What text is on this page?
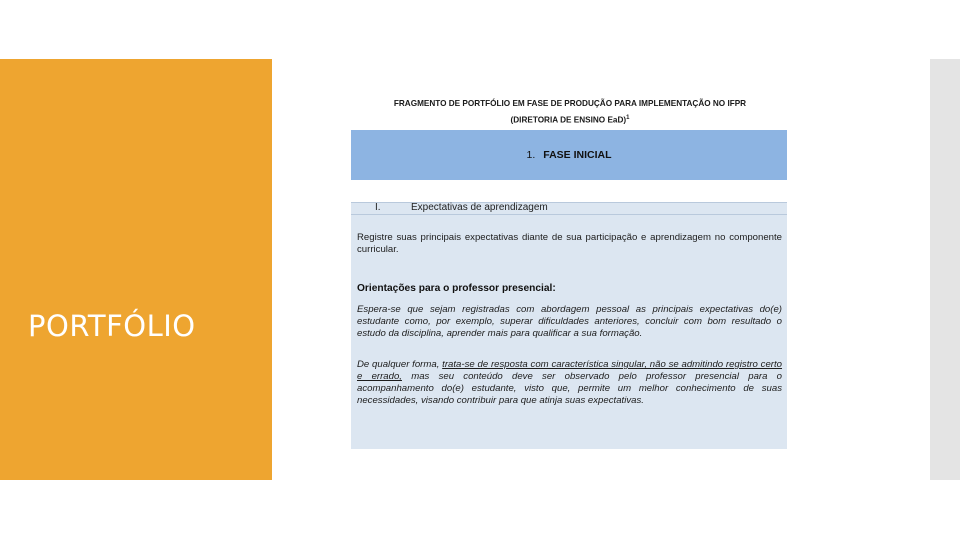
PORTFÓLIO
FRAGMENTO DE PORTFÓLIO EM FASE DE PRODUÇÃO PARA IMPLEMENTAÇÃO NO IFPR
(DIRETORIA DE ENSINO EaD)$^1$
1. FASE INICIAL
I.	Expectativas de aprendizagem

Registre suas principais expectativas diante de sua participação e aprendizagem no componente curricular.

Orientações para o professor presencial:

Espera-se que sejam registradas com abordagem pessoal as principais expectativas do(e) estudante como, por exemplo, superar dificuldades anteriores, concluir com bom resultado o estudo da disciplina, aprender mais para qualificar a sua formação.

De qualquer forma, trata-se de resposta com característica singular, não se admitindo registro certo e errado, mas seu conteúdo deve ser observado pelo professor presencial para o acompanhamento do(e) estudante, visto que, permite um melhor conhecimento de suas necessidades, visando contribuir para que atinja suas expectativas.
